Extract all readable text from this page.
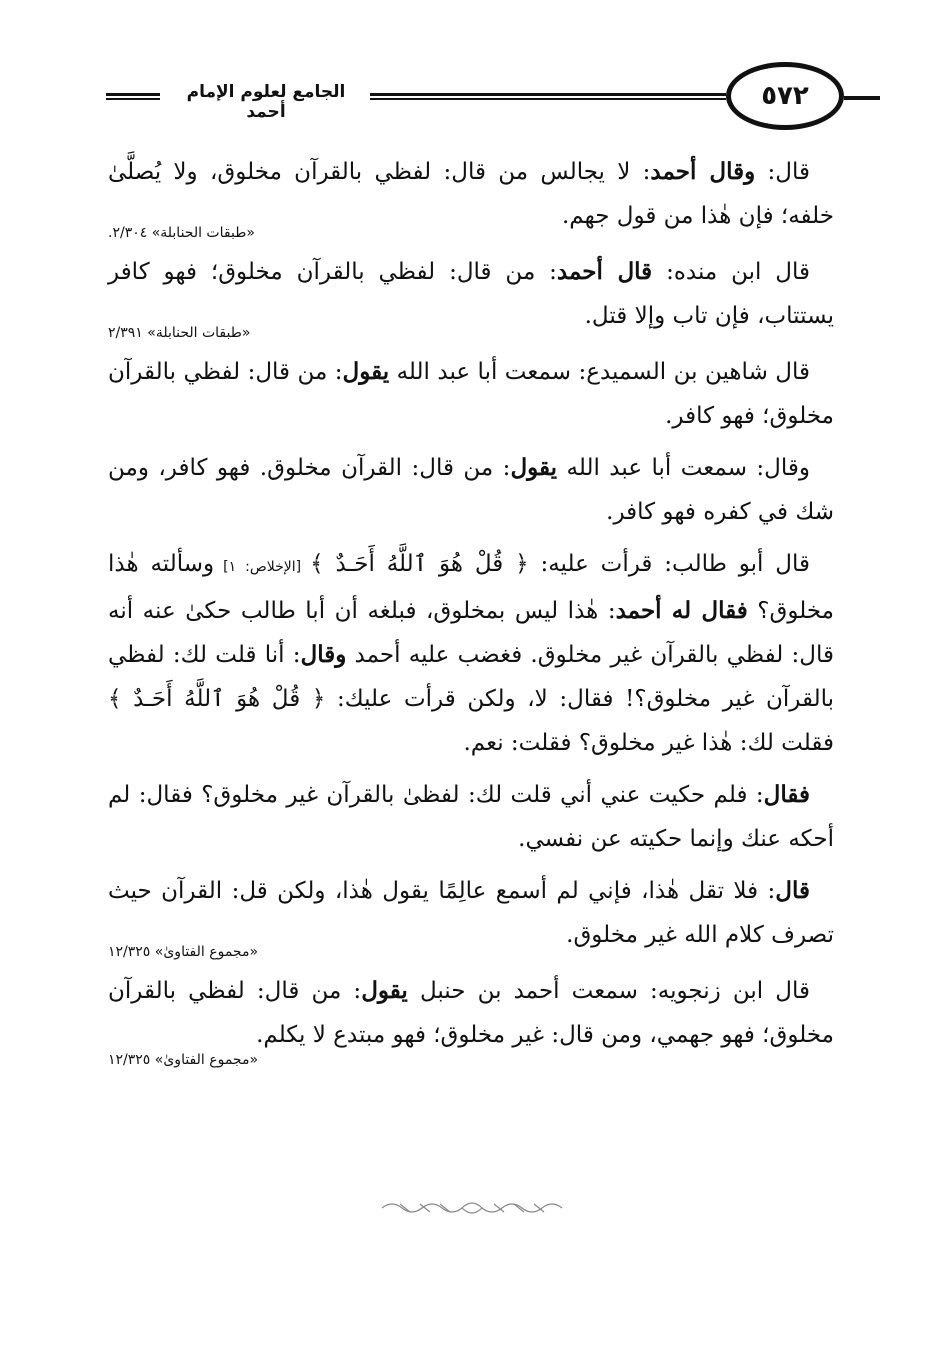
٥٧٢
الجامع لعلوم الإمام أحمد

قال: وقال أحمد: لا يجالس من قال: لفظي بالقرآن مخلوق، ولا يُصلَّىٰ خلفه؛ فإن هٰذا من قول جهم.

«طبقات الحنابلة» ٢/٣٠٤.

قال ابن منده: قال أحمد: من قال: لفظي بالقرآن مخلوق؛ فهو كافر يستتاب، فإن تاب وإلا قتل.

«طبقات الحنابلة» ٢/٣٩١

قال شاهين بن السميدع: سمعت أبا عبد الله يقول: من قال: لفظي بالقرآن مخلوق؛ فهو كافر.

وقال: سمعت أبا عبد الله يقول: من قال: القرآن مخلوق. فهو كافر، ومن شك في كفره فهو كافر.

قال أبو طالب: قرأت عليه: ﴿ قُلْ هُوَ ٱللَّهُ أَحَـدٌ ﴾ [الإخلاص: ١] وسألته هٰذا مخلوق؟ فقال له أحمد: هٰذا ليس بمخلوق، فبلغه أن أبا طالب حكىٰ عنه أنه قال: لفظي بالقرآن غير مخلوق. فغضب عليه أحمد وقال: أنا قلت لك: لفظي بالقرآن غير مخلوق؟! فقال: لا، ولكن قرأت عليك: ﴿ قُلْ هُوَ ٱللَّهُ أَحَـدٌ ﴾ فقلت لك: هٰذا غير مخلوق؟ فقلت: نعم.

فقال: فلم حكيت عني أني قلت لك: لفظىٰ بالقرآن غير مخلوق؟ فقال: لم أحكه عنك وإنما حكيته عن نفسي.

قال: فلا تقل هٰذا، فإني لم أسمع عالِمًا يقول هٰذا، ولكن قل: القرآن حيث تصرف كلام الله غير مخلوق.

«مجموع الفتاوىٰ» ١٢/٣٢٥

قال ابن زنجويه: سمعت أحمد بن حنبل يقول: من قال: لفظي بالقرآن مخلوق؛ فهو جهمي، ومن قال: غير مخلوق؛ فهو مبتدع لا يكلم.

«مجموع الفتاوىٰ» ١٢/٣٢٥
